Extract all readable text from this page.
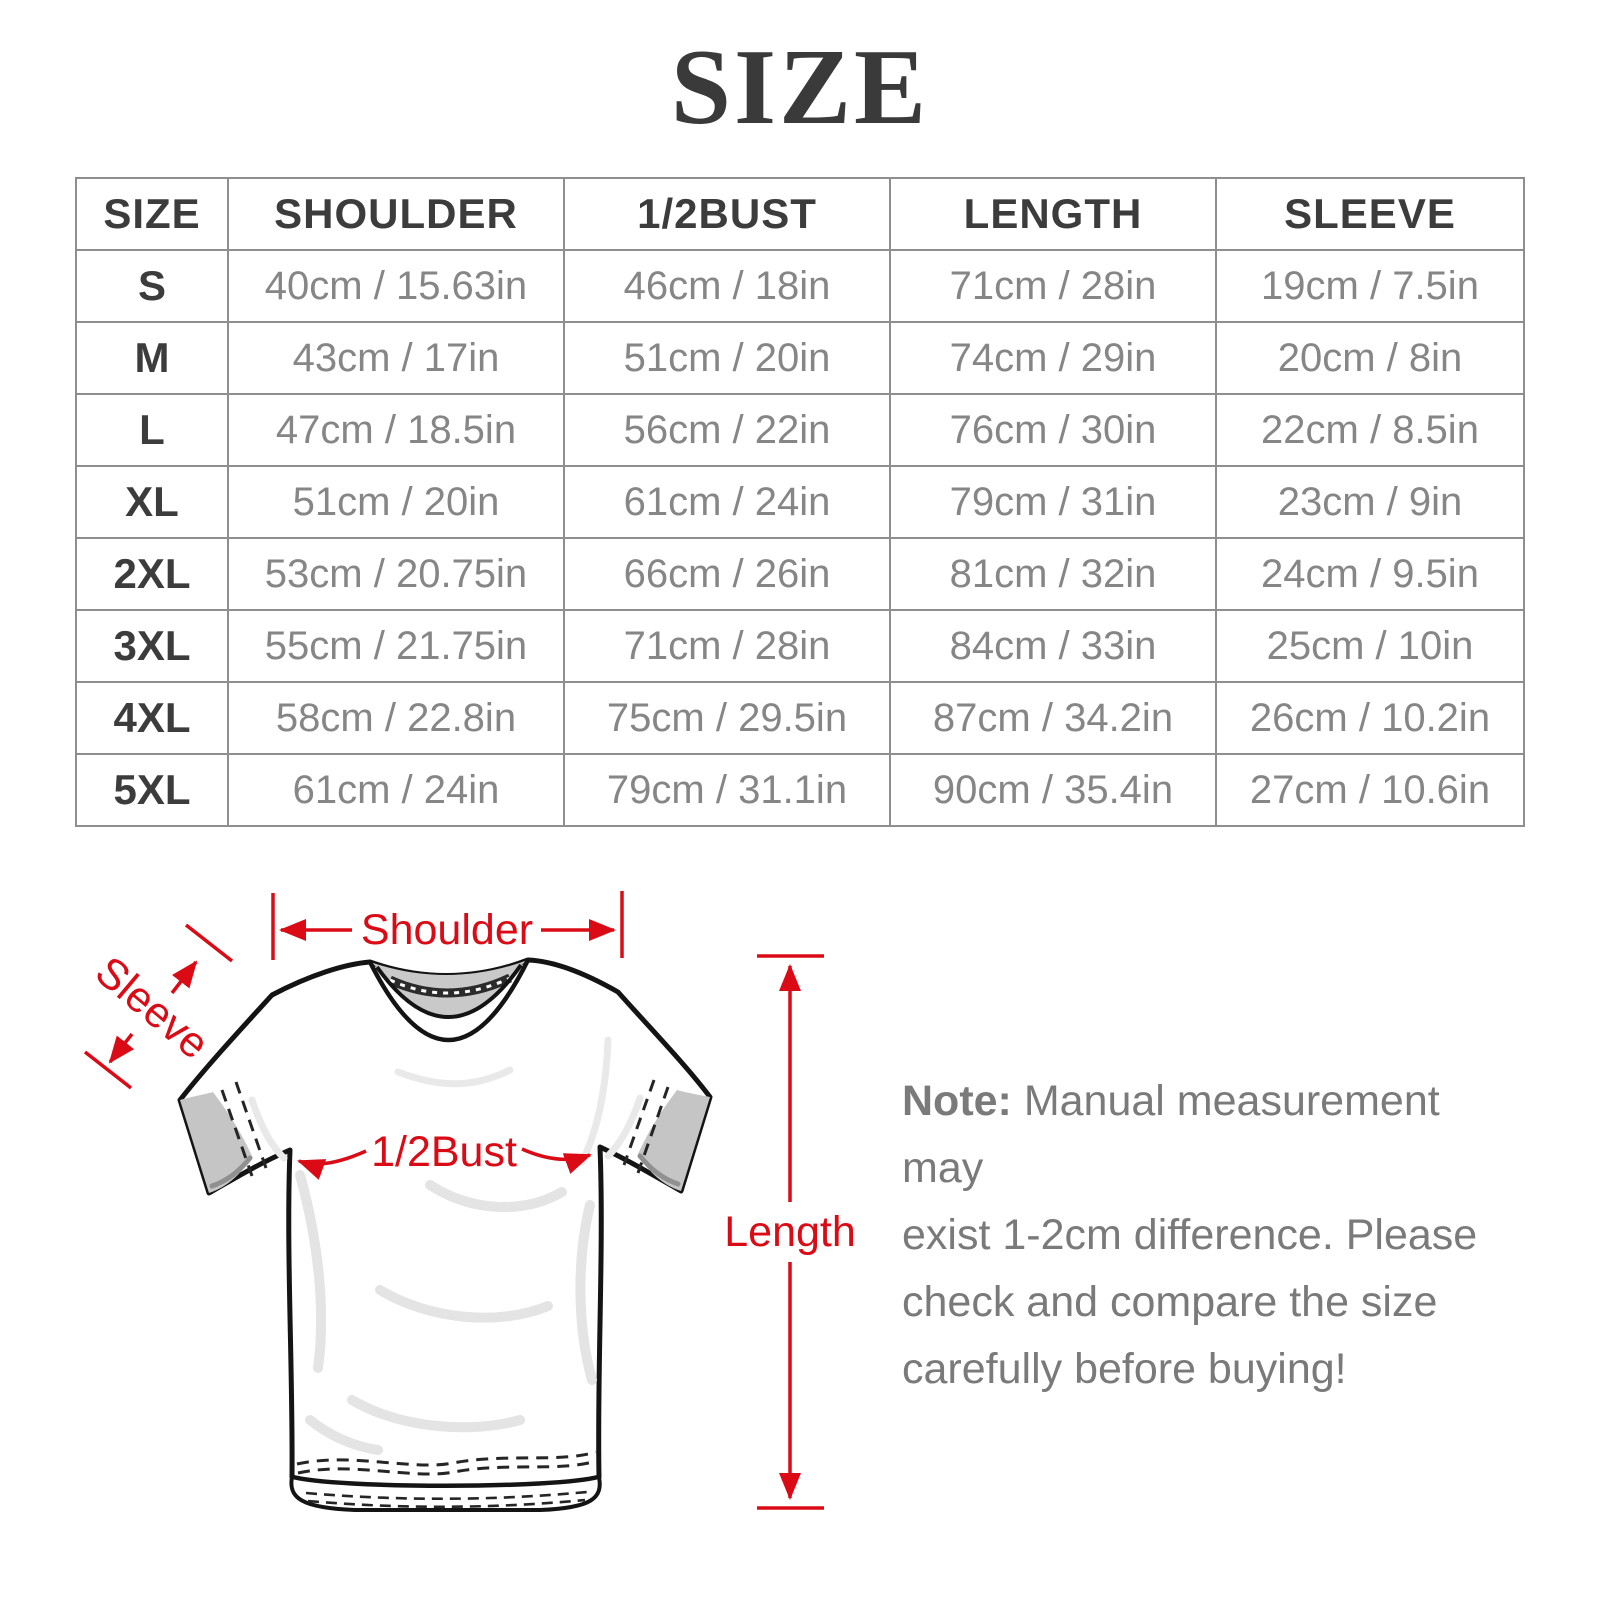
SIZE
SIZE	SHOULDER	1/2BUST	LENGTH	SLEEVE
S	40cm / 15.63in	46cm / 18in	71cm / 28in	19cm / 7.5in
M	43cm / 17in	51cm / 20in	74cm / 29in	20cm / 8in
L	47cm / 18.5in	56cm / 22in	76cm / 30in	22cm / 8.5in
XL	51cm / 20in	61cm / 24in	79cm / 31in	23cm / 9in
2XL	53cm / 20.75in	66cm / 26in	81cm / 32in	24cm / 9.5in
3XL	55cm / 21.75in	71cm / 28in	84cm / 33in	25cm / 10in
4XL	58cm / 22.8in	75cm / 29.5in	87cm / 34.2in	26cm / 10.2in
5XL	61cm / 24in	79cm / 31.1in	90cm / 35.4in	27cm / 10.6in
Shoulder
Sleeve
1/2Bust
Length
Note: Manual measurement may
exist 1-2cm difference. Please
check and compare the size
carefully before buying!
